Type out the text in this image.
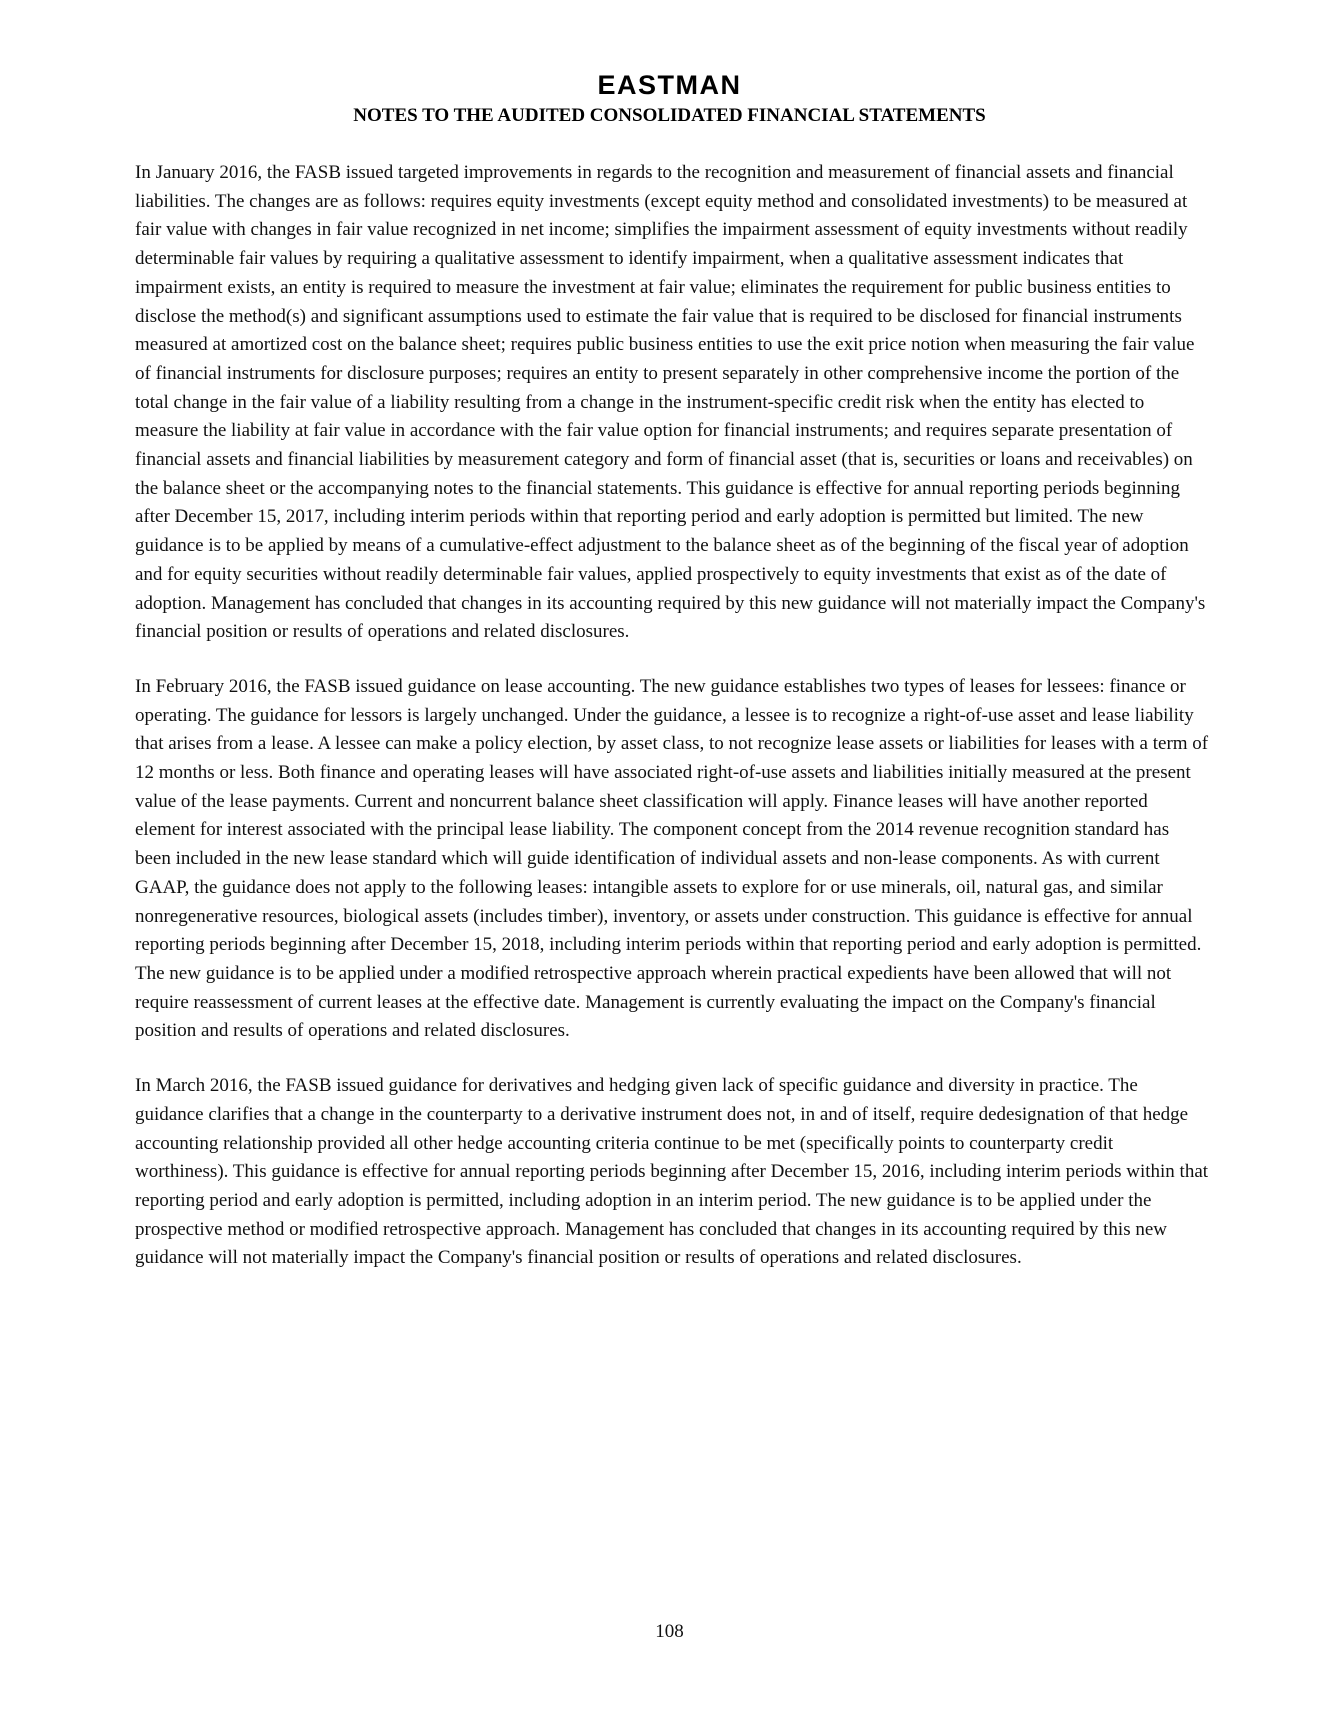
EASTMAN
NOTES TO THE AUDITED CONSOLIDATED FINANCIAL STATEMENTS

In January 2016, the FASB issued targeted improvements in regards to the recognition and measurement of financial assets and financial liabilities. The changes are as follows: requires equity investments (except equity method and consolidated investments) to be measured at fair value with changes in fair value recognized in net income; simplifies the impairment assessment of equity investments without readily determinable fair values by requiring a qualitative assessment to identify impairment, when a qualitative assessment indicates that impairment exists, an entity is required to measure the investment at fair value; eliminates the requirement for public business entities to disclose the method(s) and significant assumptions used to estimate the fair value that is required to be disclosed for financial instruments measured at amortized cost on the balance sheet; requires public business entities to use the exit price notion when measuring the fair value of financial instruments for disclosure purposes; requires an entity to present separately in other comprehensive income the portion of the total change in the fair value of a liability resulting from a change in the instrument-specific credit risk when the entity has elected to measure the liability at fair value in accordance with the fair value option for financial instruments; and requires separate presentation of financial assets and financial liabilities by measurement category and form of financial asset (that is, securities or loans and receivables) on the balance sheet or the accompanying notes to the financial statements. This guidance is effective for annual reporting periods beginning after December 15, 2017, including interim periods within that reporting period and early adoption is permitted but limited. The new guidance is to be applied by means of a cumulative-effect adjustment to the balance sheet as of the beginning of the fiscal year of adoption and for equity securities without readily determinable fair values, applied prospectively to equity investments that exist as of the date of adoption. Management has concluded that changes in its accounting required by this new guidance will not materially impact the Company's financial position or results of operations and related disclosures.

In February 2016, the FASB issued guidance on lease accounting. The new guidance establishes two types of leases for lessees: finance or operating. The guidance for lessors is largely unchanged. Under the guidance, a lessee is to recognize a right-of-use asset and lease liability that arises from a lease. A lessee can make a policy election, by asset class, to not recognize lease assets or liabilities for leases with a term of 12 months or less. Both finance and operating leases will have associated right-of-use assets and liabilities initially measured at the present value of the lease payments. Current and noncurrent balance sheet classification will apply. Finance leases will have another reported element for interest associated with the principal lease liability. The component concept from the 2014 revenue recognition standard has been included in the new lease standard which will guide identification of individual assets and non-lease components. As with current GAAP, the guidance does not apply to the following leases: intangible assets to explore for or use minerals, oil, natural gas, and similar nonregenerative resources, biological assets (includes timber), inventory, or assets under construction. This guidance is effective for annual reporting periods beginning after December 15, 2018, including interim periods within that reporting period and early adoption is permitted. The new guidance is to be applied under a modified retrospective approach wherein practical expedients have been allowed that will not require reassessment of current leases at the effective date. Management is currently evaluating the impact on the Company's financial position and results of operations and related disclosures.

In March 2016, the FASB issued guidance for derivatives and hedging given lack of specific guidance and diversity in practice. The guidance clarifies that a change in the counterparty to a derivative instrument does not, in and of itself, require dedesignation of that hedge accounting relationship provided all other hedge accounting criteria continue to be met (specifically points to counterparty credit worthiness). This guidance is effective for annual reporting periods beginning after December 15, 2016, including interim periods within that reporting period and early adoption is permitted, including adoption in an interim period. The new guidance is to be applied under the prospective method or modified retrospective approach. Management has concluded that changes in its accounting required by this new guidance will not materially impact the Company's financial position or results of operations and related disclosures.

108
